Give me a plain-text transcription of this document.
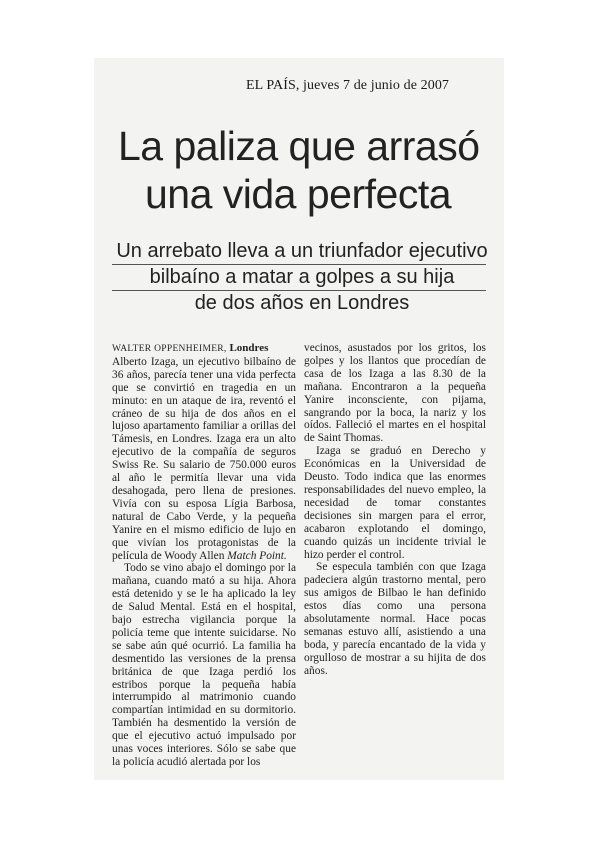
EL PAÍS, jueves 7 de junio de 2007
La paliza que arrasó
una vida perfecta
Un arrebato lleva a un triunfador ejecutivo
bilbaíno a matar a golpes a su hija
de dos años en Londres

WALTER OPPENHEIMER, Londres
Alberto Izaga, un ejecutivo bilbaíno de 36 años, parecía tener una vida perfecta que se convirtió en tragedia en un minuto: en un ataque de ira, reventó el cráneo de su hija de dos años en el lujoso apartamento familiar a orillas del Támesis, en Londres. Izaga era un alto ejecutivo de la compañía de seguros Swiss Re. Su salario de 750.000 euros al año le permitía llevar una vida desahogada, pero llena de presiones. Vivía con su esposa Lígia Barbosa, natural de Cabo Verde, y la pequeña Yanire en el mismo edificio de lujo en que vivían los protagonistas de la película de Woody Allen Match Point.

Todo se vino abajo el domingo por la mañana, cuando mató a su hija. Ahora está detenido y se le ha aplicado la ley de Salud Mental. Está en el hospital, bajo estrecha vigilancia porque la policía teme que intente suicidarse. No se sabe aún qué ocurrió. La familia ha desmentido las versiones de la prensa británica de que Izaga perdió los estribos porque la pequeña había interrumpido al matrimonio cuando compartían intimidad en su dormitorio. También ha desmentido la versión de que el ejecutivo actuó impulsado por unas voces interiores. Sólo se sabe que la policía acudió alertada por los

vecinos, asustados por los gritos, los golpes y los llantos que procedían de casa de los Izaga a las 8.30 de la mañana. Encontraron a la pequeña Yanire inconsciente, con pijama, sangrando por la boca, la nariz y los oídos. Falleció el martes en el hospital de Saint Thomas.

Izaga se graduó en Derecho y Económicas en la Universidad de Deusto. Todo indica que las enormes responsabilidades del nuevo empleo, la necesidad de tomar constantes decisiones sin margen para el error, acabaron explotando el domingo, cuando quizás un incidente trivial le hizo perder el control.

Se especula también con que Izaga padeciera algún trastorno mental, pero sus amigos de Bilbao le han definido estos días como una persona absolutamente normal. Hace pocas semanas estuvo allí, asistiendo a una boda, y parecía encantado de la vida y orgulloso de mostrar a su hijita de dos años.
